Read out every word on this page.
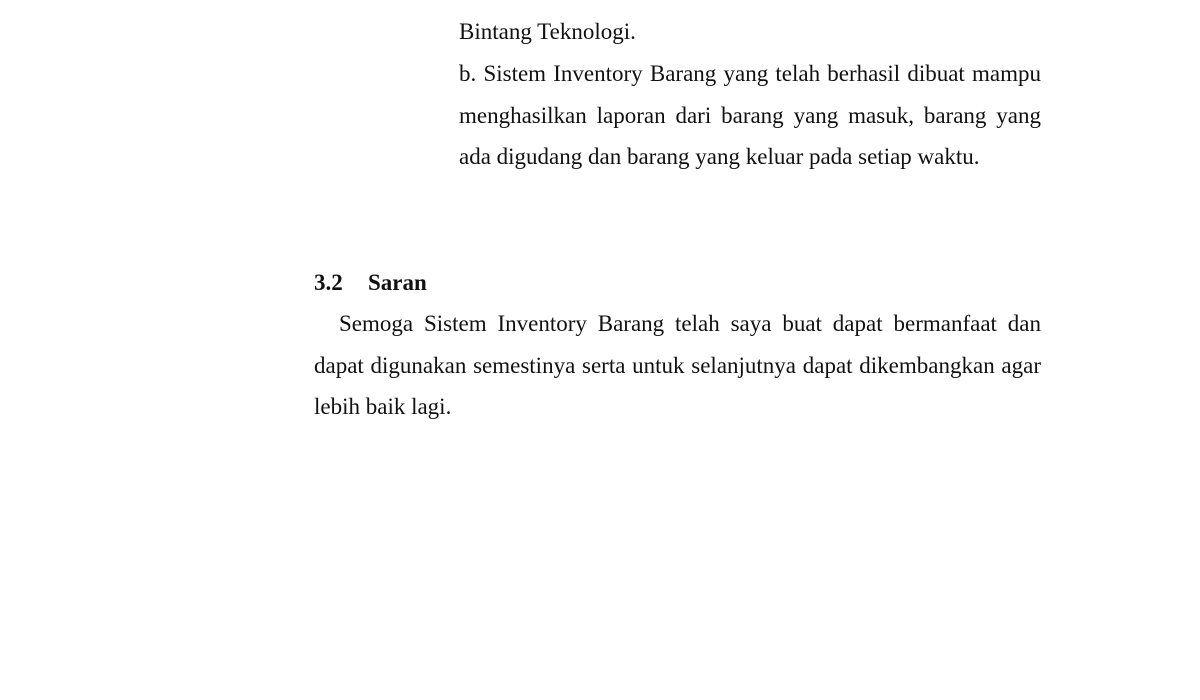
Bintang Teknologi.

b. Sistem Inventory Barang yang telah berhasil dibuat mampu menghasilkan laporan dari barang yang masuk, barang yang ada digudang dan barang yang keluar pada setiap waktu.

3.2 Saran

Semoga Sistem Inventory Barang telah saya buat dapat bermanfaat dan dapat digunakan semestinya serta untuk selanjutnya dapat dikembangkan agar lebih baik lagi.
